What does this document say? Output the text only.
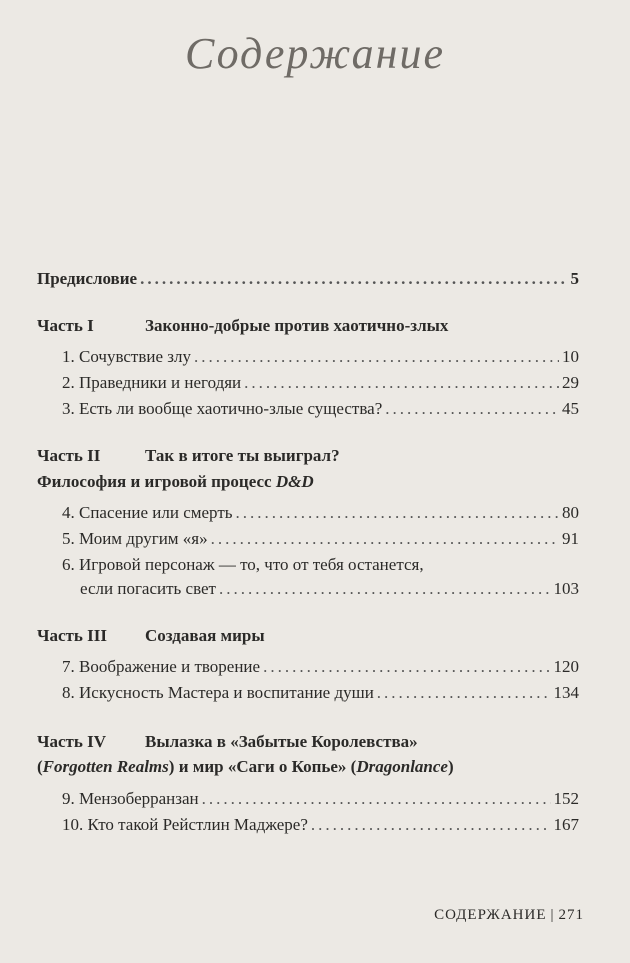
Содержание
Предисловие .....	5
Часть I	Законно-добрые против хаотично-злых
1. Сочувствие злу .....	10
2. Праведники и негодяи .....	29
3. Есть ли вообще хаотично-злые существа? .....	45
Часть II	Так в итоге ты выиграл?
Философия и игровой процесс D&D
4. Спасение или смерть .....	80
5. Моим другим «я» .....	91
6. Игровой персонаж — то, что от тебя останется,
если погасить свет .....	103
Часть III Создавая миры
7. Воображение и творение .....	120
8. Искусность Мастера и воспитание души .....	134
Часть IV Вылазка в «Забытые Королевства»
(Forgotten Realms) и мир «Саги о Копье» (Dragonlance)
9. Мензоберранзан .....	152
10. Кто такой Рейстлин Маджере? .....	167
СОДЕРЖАНИЕ | 271
